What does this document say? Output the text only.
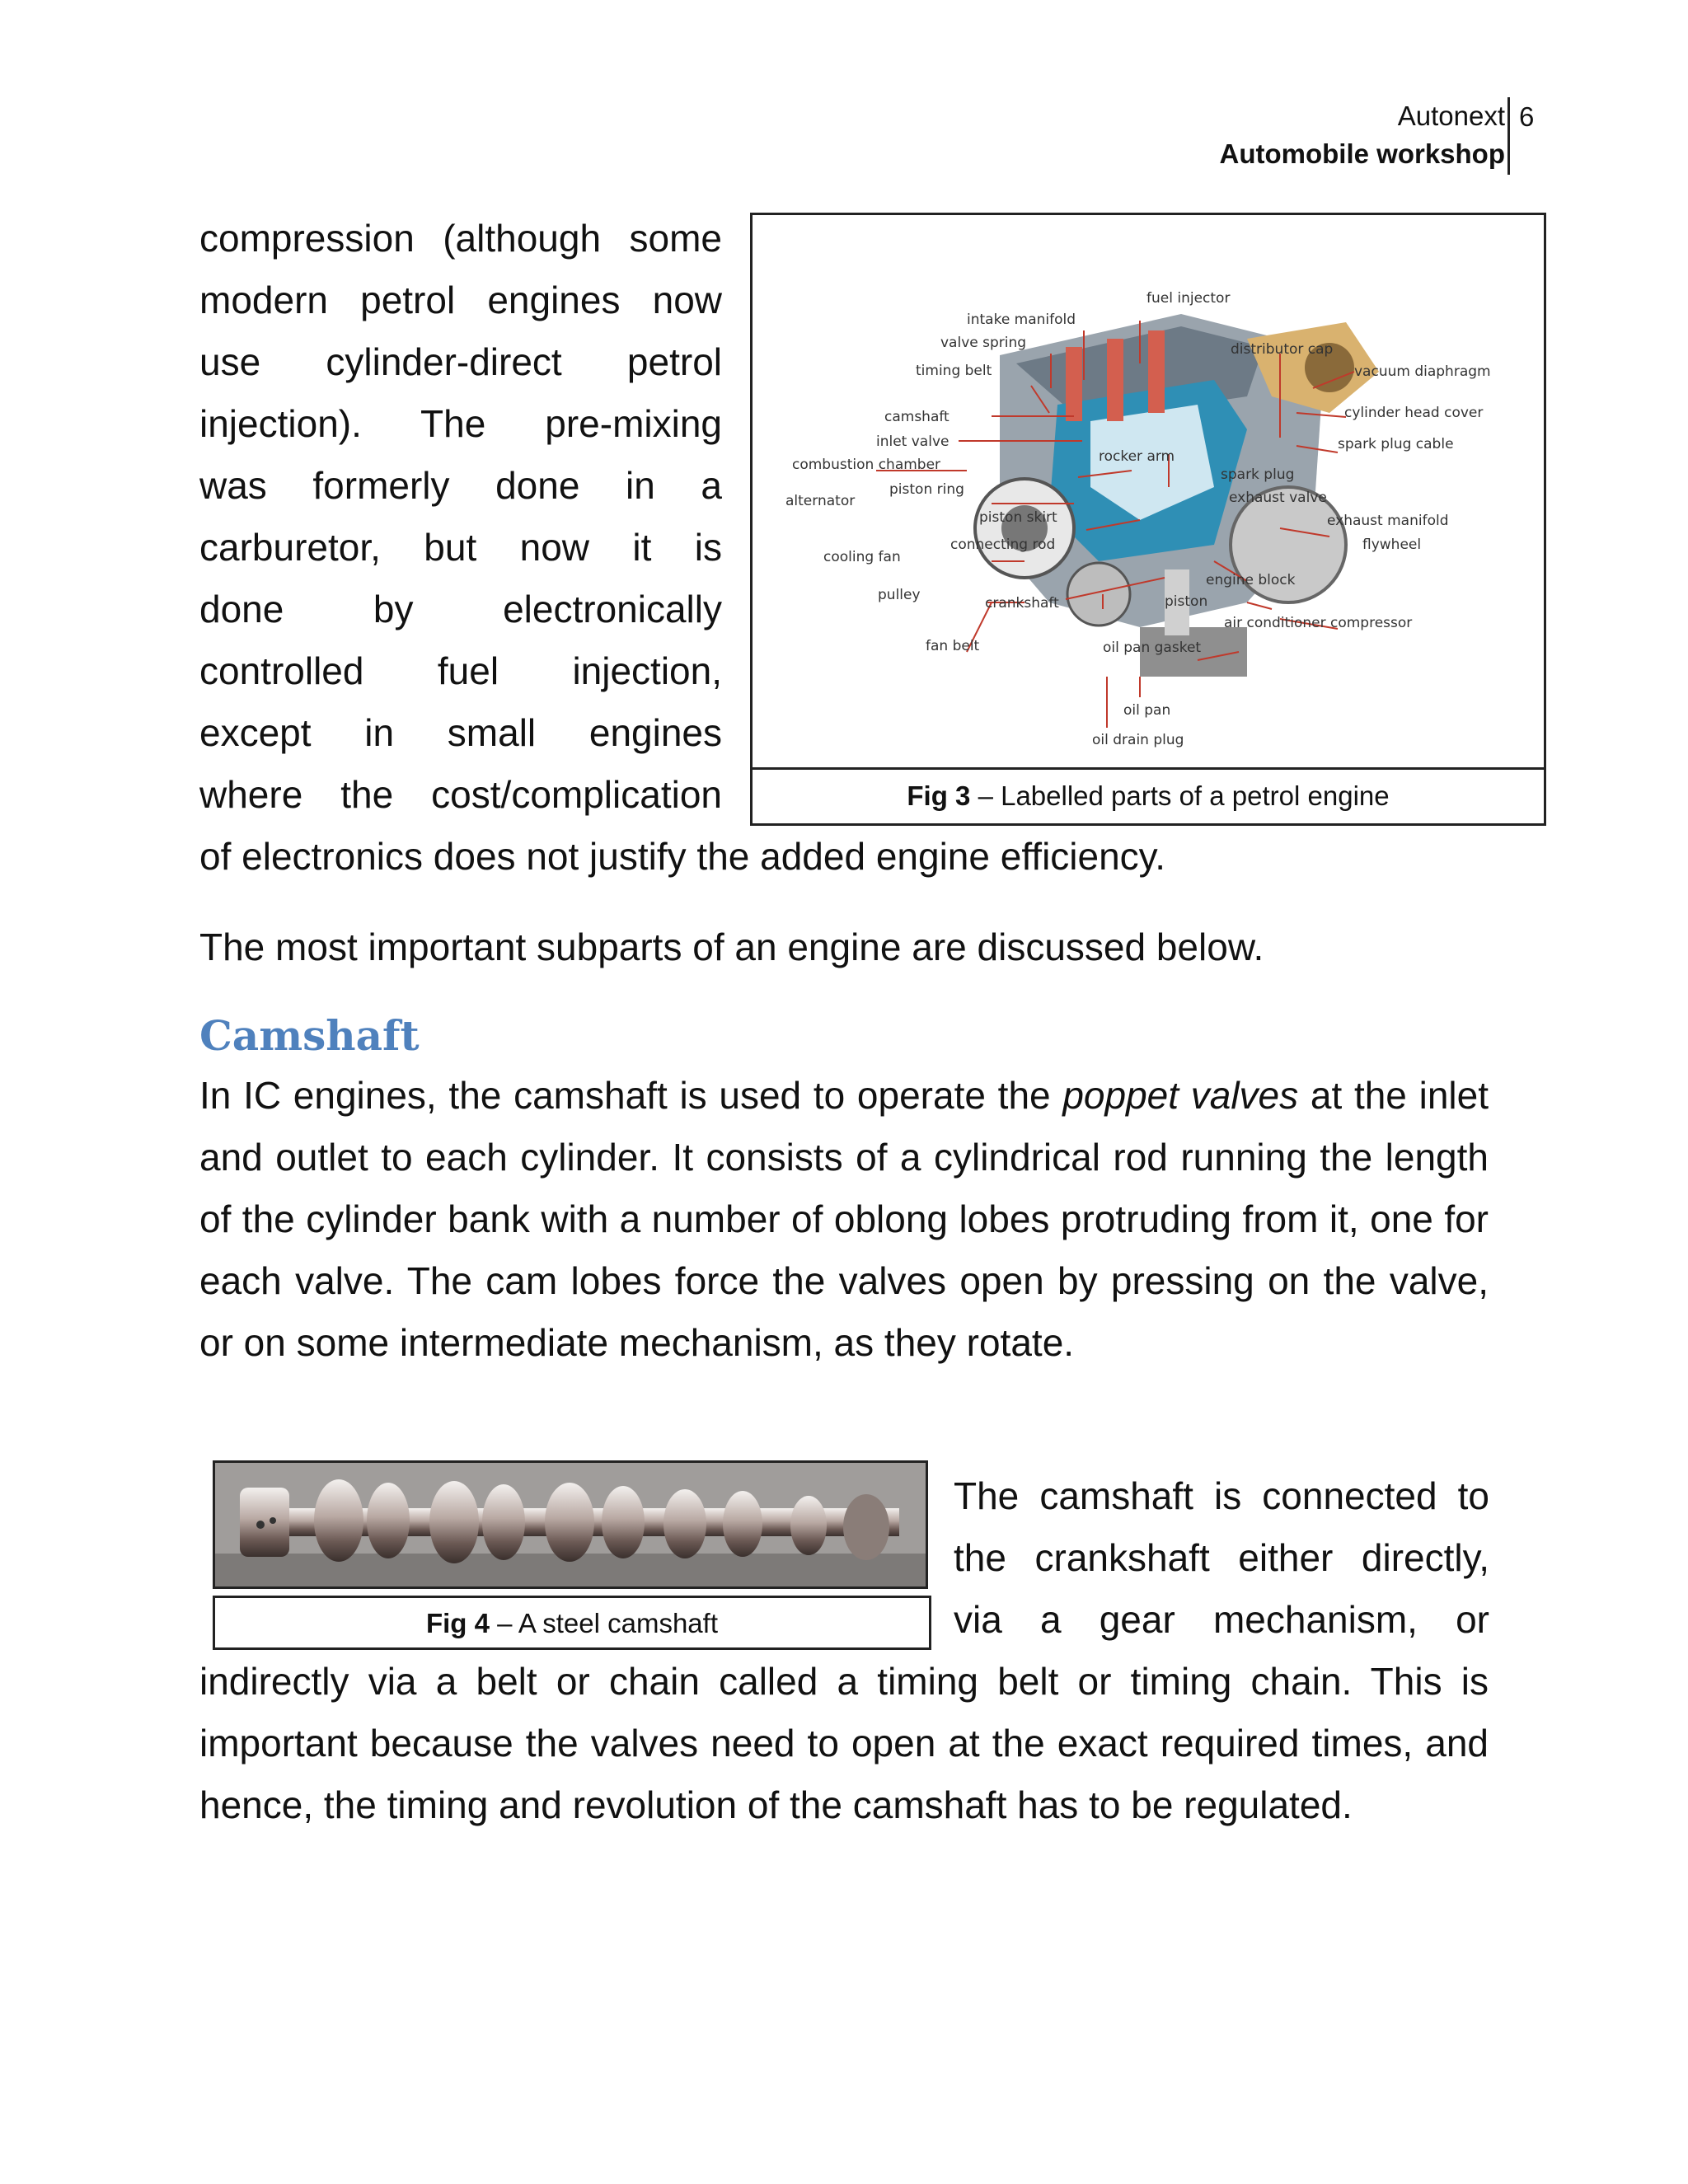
Autonext
Automobile workshop
6
compression (although some
modern petrol engines now
use cylinder-direct petrol
injection). The pre-mixing
was formerly done in a
carburetor, but now it is
done by electronically
controlled fuel injection,
except in small engines
where the cost/complication
fuel injector
intake manifold
valve spring
timing belt
distributor cap
vacuum diaphragm
camshaft	cylinder head cover
inlet valve	spark plug cable
combustion chamber	rocker arm
spark plug
alternator
piston ring	exhaust valve
piston skirt	exhaust manifold
connecting rod	flywheel
cooling fan
engine block
pulley	crankshaft	piston
air conditioner compressor
fan belt	oil pan gasket
oil pan
oil drain plug
Fig 3 – Labelled parts of a petrol engine
of electronics does not justify the added engine efficiency.
The most important subparts of an engine are discussed below.
Camshaft
In IC engines, the camshaft is used to operate the poppet valves at the inlet and outlet to each cylinder. It consists of a cylindrical rod running the length of the cylinder bank with a number of oblong lobes protruding from it, one for each valve. The cam lobes force the valves open by pressing on the valve, or on some intermediate mechanism, as they rotate.
Fig 4 – A steel camshaft
The camshaft is connected to
the crankshaft either directly,
via a gear mechanism, or
indirectly via a belt or chain called a timing belt or timing chain. This is important because the valves need to open at the exact required times, and hence, the timing and revolution of the camshaft has to be regulated.
